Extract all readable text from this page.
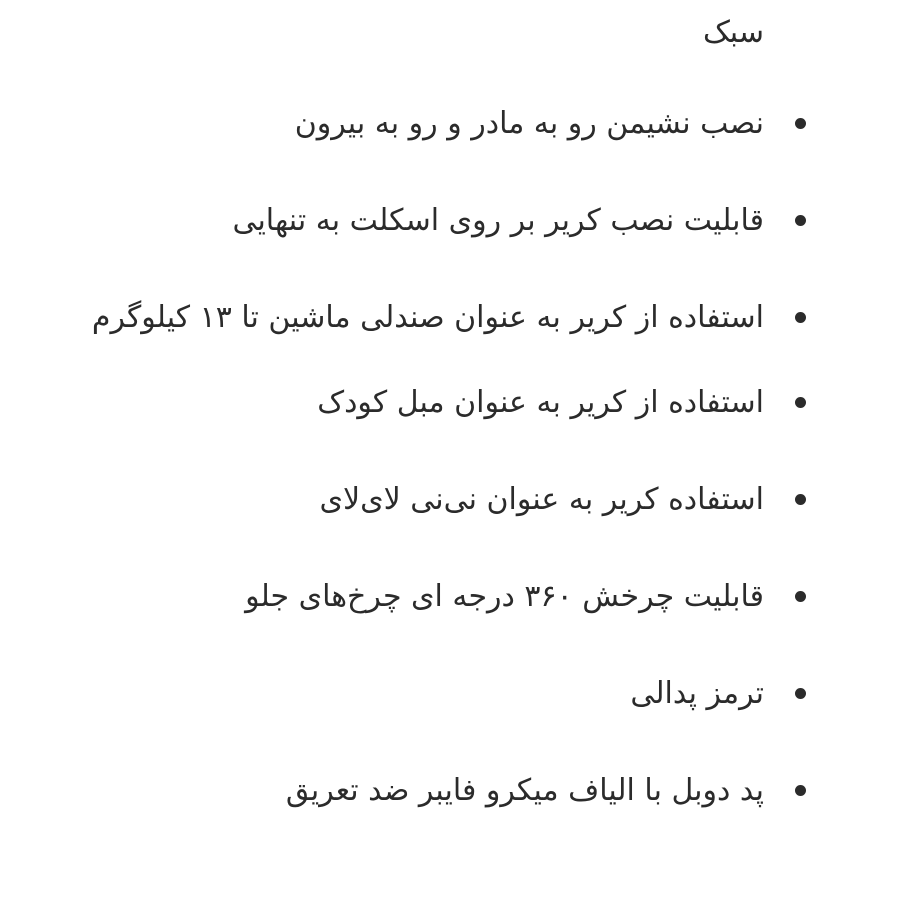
سبک
نصب نشیمن رو به مادر و رو به بیرون
قابلیت نصب کریر بر روی اسکلت به تنهایی
استفاده از کریر به عنوان صندلی ماشین تا ۱۳ کیلوگرم
استفاده از کریر به عنوان مبل کودک
استفاده کریر به عنوان نی‌نی لای‌لای
قابلیت چرخش ۳۶۰ درجه ای چرخ‌های جلو
ترمز پدالی
پد دوبل با الیاف میکرو فایبر ضد تعریق
